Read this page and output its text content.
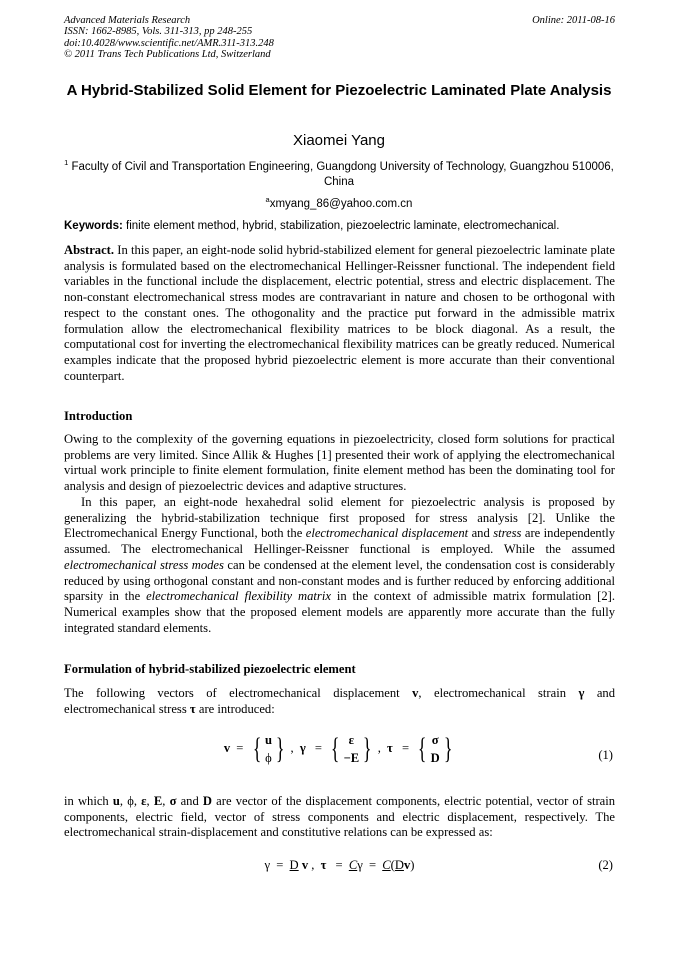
Advanced Materials Research
ISSN: 1662-8985, Vols. 311-313, pp 248-255
doi:10.4028/www.scientific.net/AMR.311-313.248
© 2011 Trans Tech Publications Ltd, Switzerland
Online: 2011-08-16
A Hybrid-Stabilized Solid Element for Piezoelectric Laminated Plate Analysis
Xiaomei Yang
$^1$ Faculty of Civil and Transportation Engineering, Guangdong University of Technology, Guangzhou 510006, China
$^a$xmyang_86@yahoo.com.cn
Keywords: finite element method, hybrid, stabilization, piezoelectric laminate, electromechanical.
Abstract. In this paper, an eight-node solid hybrid-stabilized element for general piezoelectric laminate plate analysis is formulated based on the electromechanical Hellinger-Reissner functional. The independent field variables in the functional include the displacement, electric potential, stress and electric displacement. The non-constant electromechanical stress modes are contravariant in nature and chosen to be orthogonal with respect to the constant ones. The othogonality and the practice put forward in the admissible matrix formulation allow the electromechanical flexibility matrices to be block diagonal. As a result, the computational cost for inverting the electromechanical flexibility matrices can be greatly reduced. Numerical examples indicate that the proposed hybrid piezoelectric element is more accurate than their conventional counterpart.
Introduction
Owing to the complexity of the governing equations in piezoelectricity, closed form solutions for practical problems are very limited. Since Allik & Hughes [1] presented their work of applying the electromechanical virtual work principle to finite element formulation, finite element method has been the dominating tool for analysis and design of piezoelectric devices and adaptive structures.
In this paper, an eight-node hexahedral solid element for piezoelectric analysis is proposed by generalizing the hybrid-stabilization technique first proposed for stress analysis [2]. Unlike the Electromechanical Energy Functional, both the electromechanical displacement and stress are independently assumed. The electromechanical Hellinger-Reissner functional is employed. While the assumed electromechanical stress modes can be condensed at the element level, the condensation cost is considerably reduced by using orthogonal constant and non-constant modes and is further reduced by enforcing additional sparsity in the electromechanical flexibility matrix in the context of admissible matrix formulation [2]. Numerical examples show that the proposed element models are apparently more accurate than the fully integrated standard elements.
Formulation of hybrid-stabilized piezoelectric element
The following vectors of electromechanical displacement v, electromechanical strain γ and electromechanical stress τ are introduced:
v = { u
ϕ } , γ = { ε
−E } , τ = { σ
D }	(1)
in which u, ϕ, ε, E, σ and D are vector of the displacement components, electric potential, vector of strain components, electric field, vector of stress components and electric displacement, respectively. The electromechanical strain-displacement and constitutive relations can be expressed as:
γ = D v , τ = Cγ = C(Dv)	(2)
